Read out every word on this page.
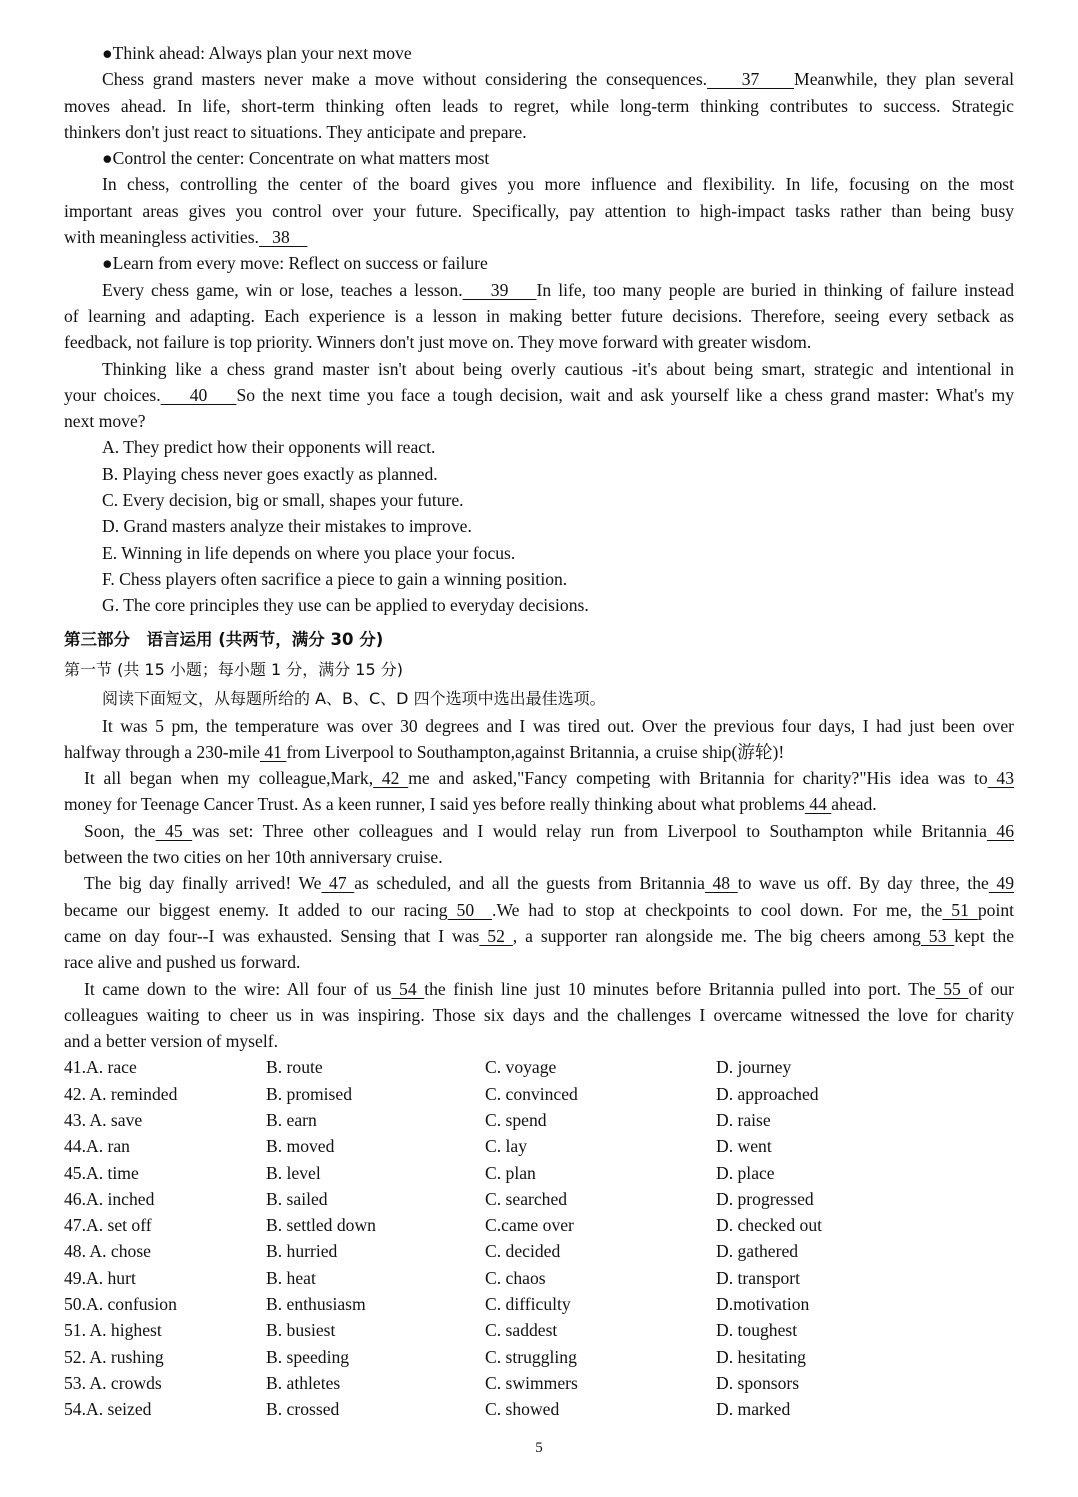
●Think ahead: Always plan your next move
Chess grand masters never make a move without considering the consequences.    37    Meanwhile, they plan several
moves ahead. In life, short-term thinking often leads to regret, while long-term thinking contributes to success. Strategic
thinkers don't just react to situations. They anticipate and prepare.
●Control the center: Concentrate on what matters most
In chess, controlling the center of the board gives you more influence and flexibility. In life, focusing on the most
important areas gives you control over your future. Specifically, pay attention to high-impact tasks rather than being busy
with meaningless activities.   38
●Learn from every move: Reflect on success or failure
Every chess game, win or lose, teaches a lesson.    39    In life, too many people are buried in thinking of failure instead
of learning and adapting. Each experience is a lesson in making better future decisions. Therefore, seeing every setback as
feedback, not failure is top priority. Winners don't just move on. They move forward with greater wisdom.
Thinking like a chess grand master isn't about being overly cautious -it's about being smart, strategic and intentional in
your choices.    40    So the next time you face a tough decision, wait and ask yourself like a chess grand master: What's my
next move?
A. They predict how their opponents will react.
B. Playing chess never goes exactly as planned.
C. Every decision, big or small, shapes your future.
D. Grand masters analyze their mistakes to improve.
E. Winning in life depends on where you place your focus.
F. Chess players often sacrifice a piece to gain a winning position.
G. The core principles they use can be applied to everyday decisions.
第三部分　语言运用 (共两节，满分 30 分)
第一节 (共 15 小题；每小题 1 分，满分 15 分)
阅读下面短文，从每题所给的 A、B、C、D 四个选项中选出最佳选项。
It was 5 pm, the temperature was over 30 degrees and I was tired out. Over the previous four days, I had just been over
halfway through a 230-mile 41 from Liverpool to Southampton,against Britannia, a cruise ship(游轮)!
It all began when my colleague,Mark, 42 me and asked,"Fancy competing with Britannia for charity?"His idea was to 43
money for Teenage Cancer Trust. As a keen runner, I said yes before really thinking about what problems 44 ahead.
Soon, the 45 was set: Three other colleagues and I would relay run from Liverpool to Southampton while Britannia 46
between the two cities on her 10th anniversary cruise.
The big day finally arrived! We 47 as scheduled, and all the guests from Britannia 48 to wave us off. By day three, the 49
became our biggest enemy. It added to our racing 50  .We had to stop at checkpoints to cool down. For me, the 51 point
came on day four--I was exhausted. Sensing that I was 52 , a supporter ran alongside me. The big cheers among 53 kept the
race alive and pushed us forward.
It came down to the wire: All four of us 54 the finish line just 10 minutes before Britannia pulled into port. The 55 of our
colleagues waiting to cheer us in was inspiring. Those six days and the challenges I overcame witnessed the love for charity
and a better version of myself.
41.A. race	B. route	C. voyage	D. journey
42. A. reminded	B. promised	C. convinced	D. approached
43. A. save	B. earn	C. spend	D. raise
44.A. ran	B. moved	C. lay	D. went
45.A. time	B. level	C. plan	D. place
46.A. inched	B. sailed	C. searched	D. progressed
47.A. set off	B. settled down	C.came over	D. checked out
48. A. chose	B. hurried	C. decided	D. gathered
49.A. hurt	B. heat	C. chaos	D. transport
50.A. confusion	B. enthusiasm	C. difficulty	D.motivation
51. A. highest	B. busiest	C. saddest	D. toughest
52. A. rushing	B. speeding	C. struggling	D. hesitating
53. A. crowds	B. athletes	C. swimmers	D. sponsors
54.A. seized	B. crossed	C. showed	D. marked
5
